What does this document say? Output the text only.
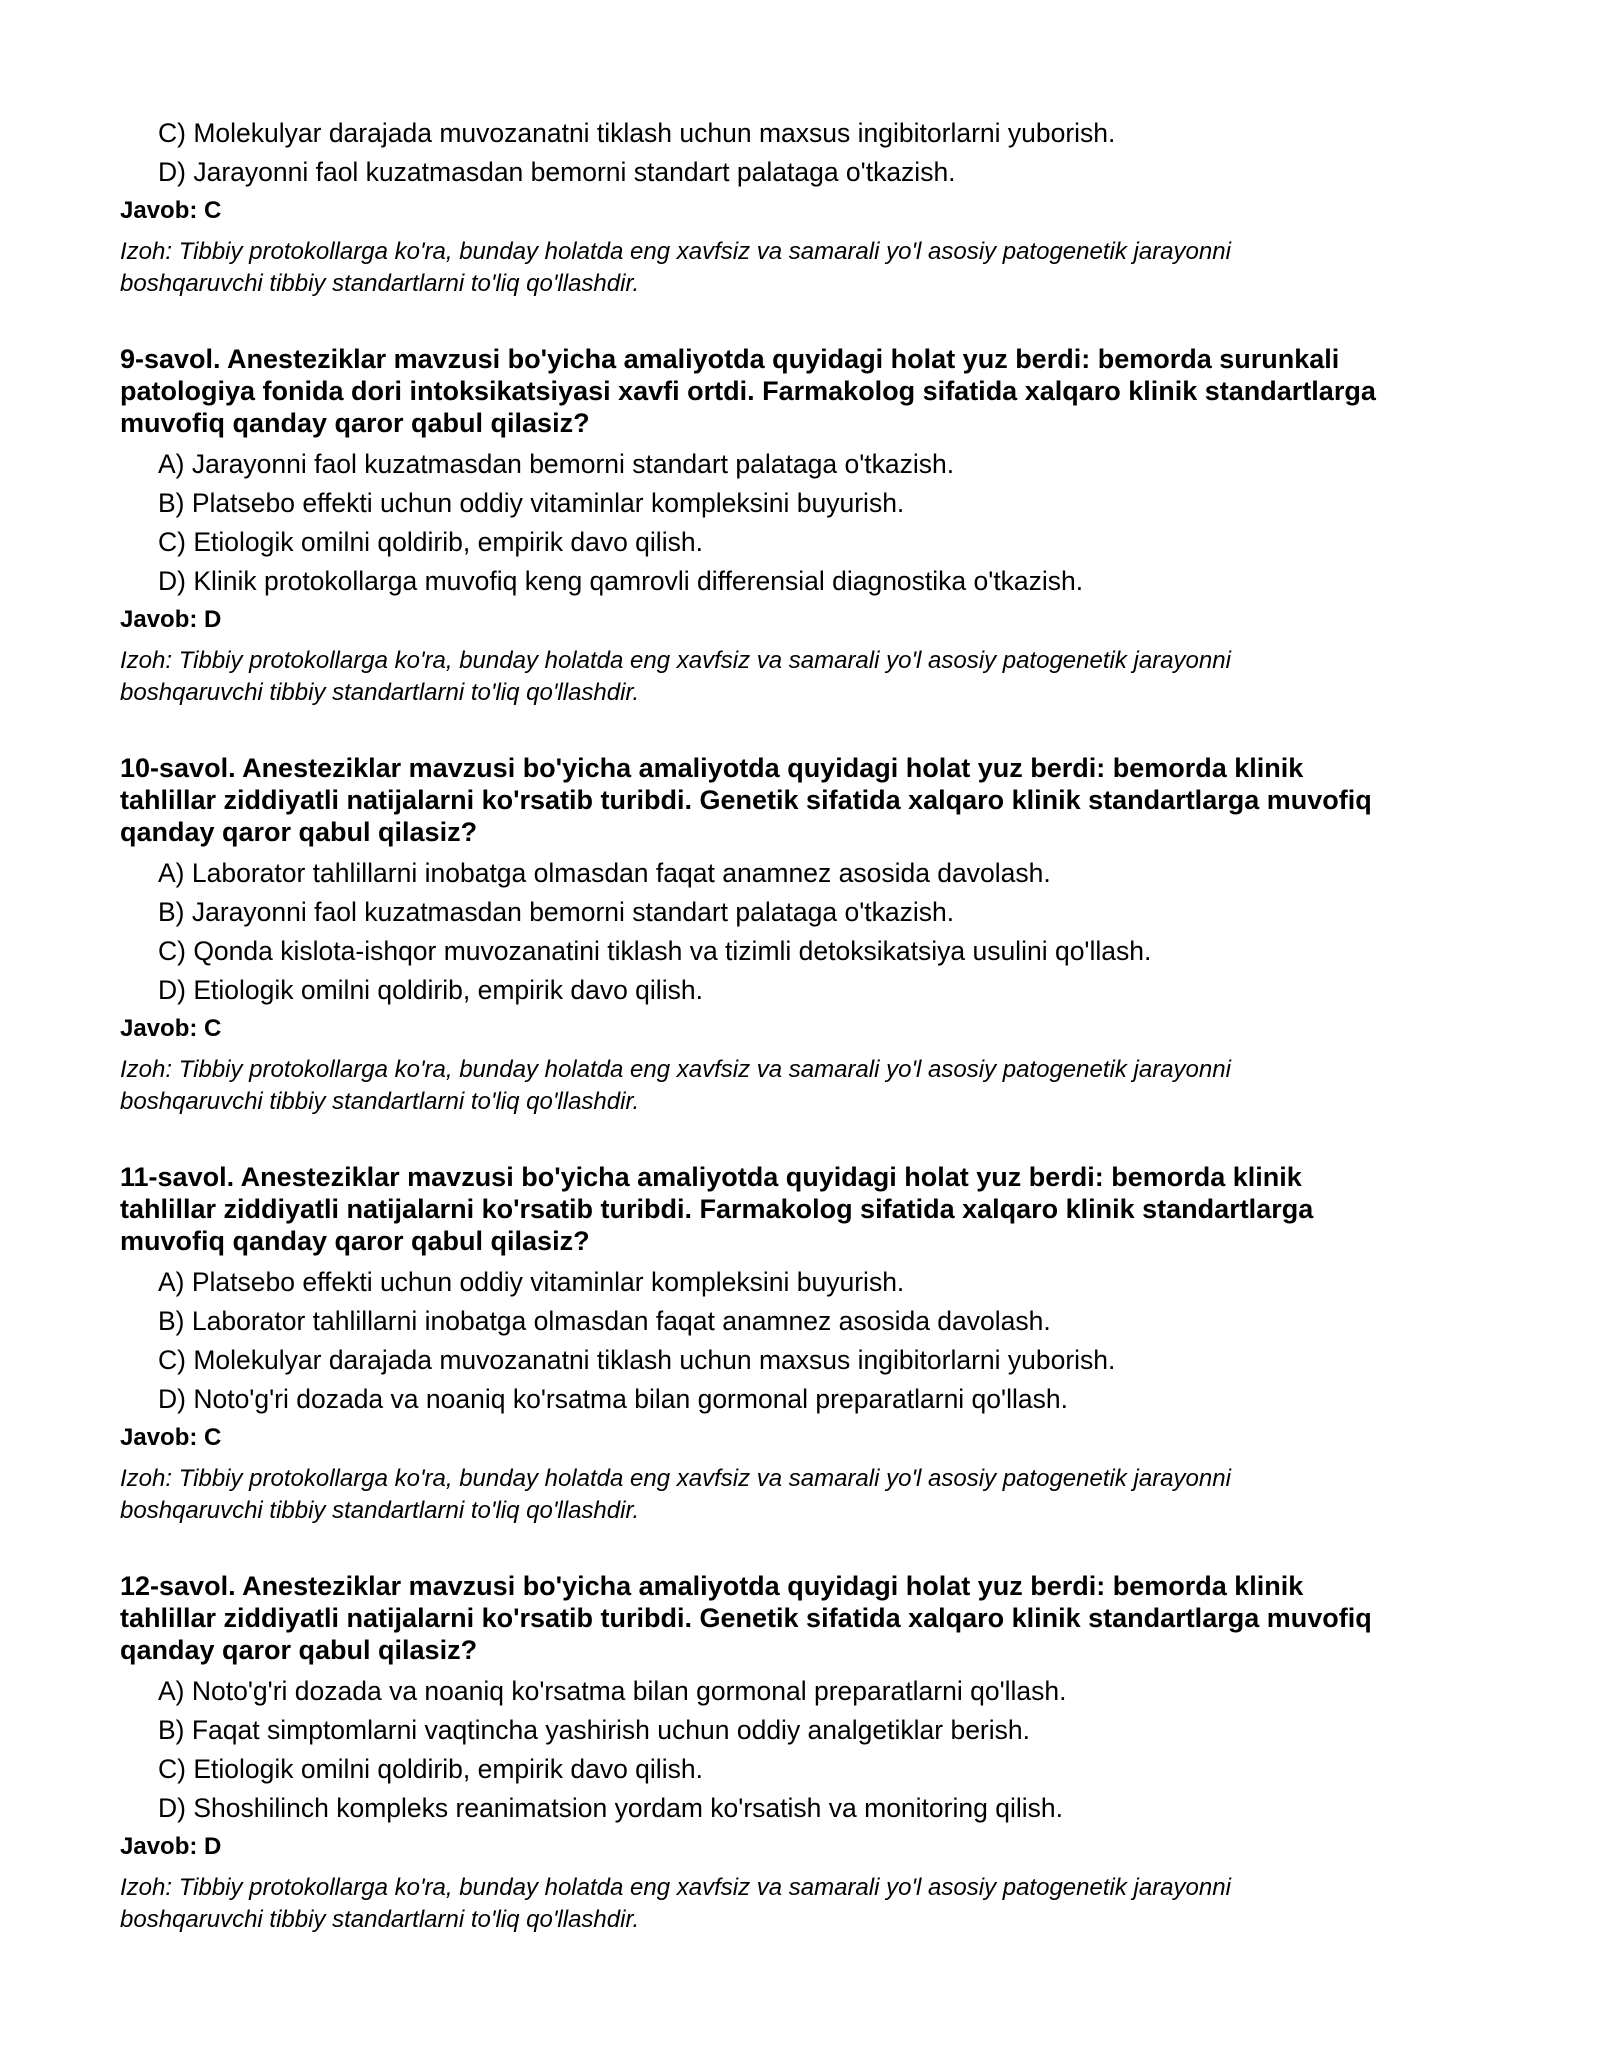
C) Molekulyar darajada muvozanatni tiklash uchun maxsus ingibitorlarni yuborish.
D) Jarayonni faol kuzatmasdan bemorni standart palataga o'tkazish.
Javob: C
Izoh: Tibbiy protokollarga ko'ra, bunday holatda eng xavfsiz va samarali yo'l asosiy patogenetik jarayonni
boshqaruvchi tibbiy standartlarni to'liq qo'llashdir.
9-savol. Anesteziklar mavzusi bo'yicha amaliyotda quyidagi holat yuz berdi: bemorda surunkali
patologiya fonida dori intoksikatsiyasi xavfi ortdi. Farmakolog sifatida xalqaro klinik standartlarga
muvofiq qanday qaror qabul qilasiz?
A) Jarayonni faol kuzatmasdan bemorni standart palataga o'tkazish.
B) Platsebo effekti uchun oddiy vitaminlar kompleksini buyurish.
C) Etiologik omilni qoldirib, empirik davo qilish.
D) Klinik protokollarga muvofiq keng qamrovli differensial diagnostika o'tkazish.
Javob: D
Izoh: Tibbiy protokollarga ko'ra, bunday holatda eng xavfsiz va samarali yo'l asosiy patogenetik jarayonni
boshqaruvchi tibbiy standartlarni to'liq qo'llashdir.
10-savol. Anesteziklar mavzusi bo'yicha amaliyotda quyidagi holat yuz berdi: bemorda klinik
tahlillar ziddiyatli natijalarni ko'rsatib turibdi. Genetik sifatida xalqaro klinik standartlarga muvofiq
qanday qaror qabul qilasiz?
A) Laborator tahlillarni inobatga olmasdan faqat anamnez asosida davolash.
B) Jarayonni faol kuzatmasdan bemorni standart palataga o'tkazish.
C) Qonda kislota-ishqor muvozanatini tiklash va tizimli detoksikatsiya usulini qo'llash.
D) Etiologik omilni qoldirib, empirik davo qilish.
Javob: C
Izoh: Tibbiy protokollarga ko'ra, bunday holatda eng xavfsiz va samarali yo'l asosiy patogenetik jarayonni
boshqaruvchi tibbiy standartlarni to'liq qo'llashdir.
11-savol. Anesteziklar mavzusi bo'yicha amaliyotda quyidagi holat yuz berdi: bemorda klinik
tahlillar ziddiyatli natijalarni ko'rsatib turibdi. Farmakolog sifatida xalqaro klinik standartlarga
muvofiq qanday qaror qabul qilasiz?
A) Platsebo effekti uchun oddiy vitaminlar kompleksini buyurish.
B) Laborator tahlillarni inobatga olmasdan faqat anamnez asosida davolash.
C) Molekulyar darajada muvozanatni tiklash uchun maxsus ingibitorlarni yuborish.
D) Noto'g'ri dozada va noaniq ko'rsatma bilan gormonal preparatlarni qo'llash.
Javob: C
Izoh: Tibbiy protokollarga ko'ra, bunday holatda eng xavfsiz va samarali yo'l asosiy patogenetik jarayonni
boshqaruvchi tibbiy standartlarni to'liq qo'llashdir.
12-savol. Anesteziklar mavzusi bo'yicha amaliyotda quyidagi holat yuz berdi: bemorda klinik
tahlillar ziddiyatli natijalarni ko'rsatib turibdi. Genetik sifatida xalqaro klinik standartlarga muvofiq
qanday qaror qabul qilasiz?
A) Noto'g'ri dozada va noaniq ko'rsatma bilan gormonal preparatlarni qo'llash.
B) Faqat simptomlarni vaqtincha yashirish uchun oddiy analgetiklar berish.
C) Etiologik omilni qoldirib, empirik davo qilish.
D) Shoshilinch kompleks reanimatsion yordam ko'rsatish va monitoring qilish.
Javob: D
Izoh: Tibbiy protokollarga ko'ra, bunday holatda eng xavfsiz va samarali yo'l asosiy patogenetik jarayonni
boshqaruvchi tibbiy standartlarni to'liq qo'llashdir.
